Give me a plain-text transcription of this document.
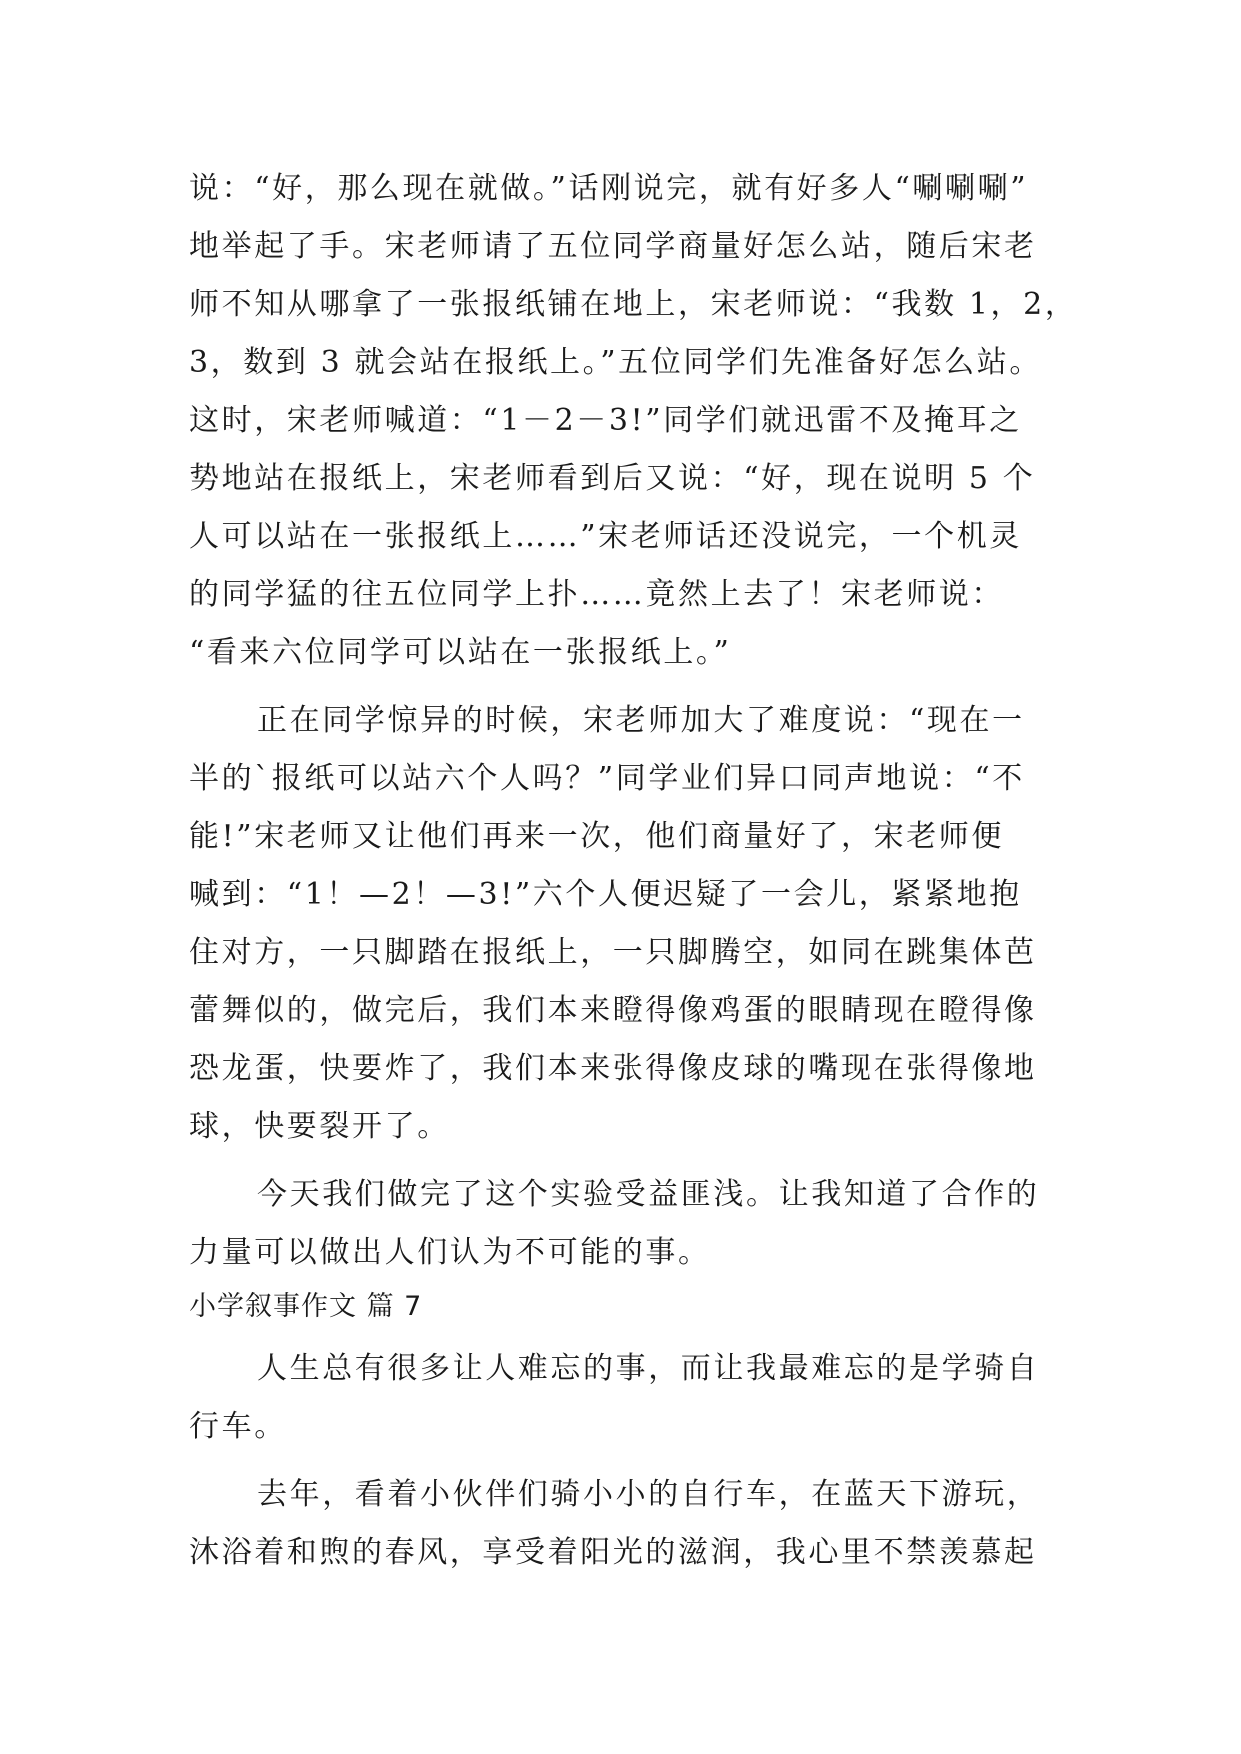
说：“好，那么现在就做。”话刚说完，就有好多人“唰唰唰”
地举起了手。宋老师请了五位同学商量好怎么站，随后宋老
师不知从哪拿了一张报纸铺在地上，宋老师说：“我数 1，2，
3，数到 3 就会站在报纸上。”五位同学们先准备好怎么站。
这时，宋老师喊道：“1－2－3!”同学们就迅雷不及掩耳之
势地站在报纸上，宋老师看到后又说：“好，现在说明 5 个
人可以站在一张报纸上……”宋老师话还没说完，一个机灵
的同学猛的往五位同学上扑……竟然上去了！宋老师说：
“看来六位同学可以站在一张报纸上。”
正在同学惊异的时候，宋老师加大了难度说：“现在一
半的`报纸可以站六个人吗？”同学业们异口同声地说：“不
能!”宋老师又让他们再来一次，他们商量好了，宋老师便
喊到：“1！—2！—3!”六个人便迟疑了一会儿，紧紧地抱
住对方，一只脚踏在报纸上，一只脚腾空，如同在跳集体芭
蕾舞似的，做完后，我们本来瞪得像鸡蛋的眼睛现在瞪得像
恐龙蛋，快要炸了，我们本来张得像皮球的嘴现在张得像地
球，快要裂开了。
今天我们做完了这个实验受益匪浅。让我知道了合作的
力量可以做出人们认为不可能的事。
小学叙事作文 篇 7
人生总有很多让人难忘的事，而让我最难忘的是学骑自
行车。
去年，看着小伙伴们骑小小的自行车，在蓝天下游玩，
沐浴着和煦的春风，享受着阳光的滋润，我心里不禁羡慕起
